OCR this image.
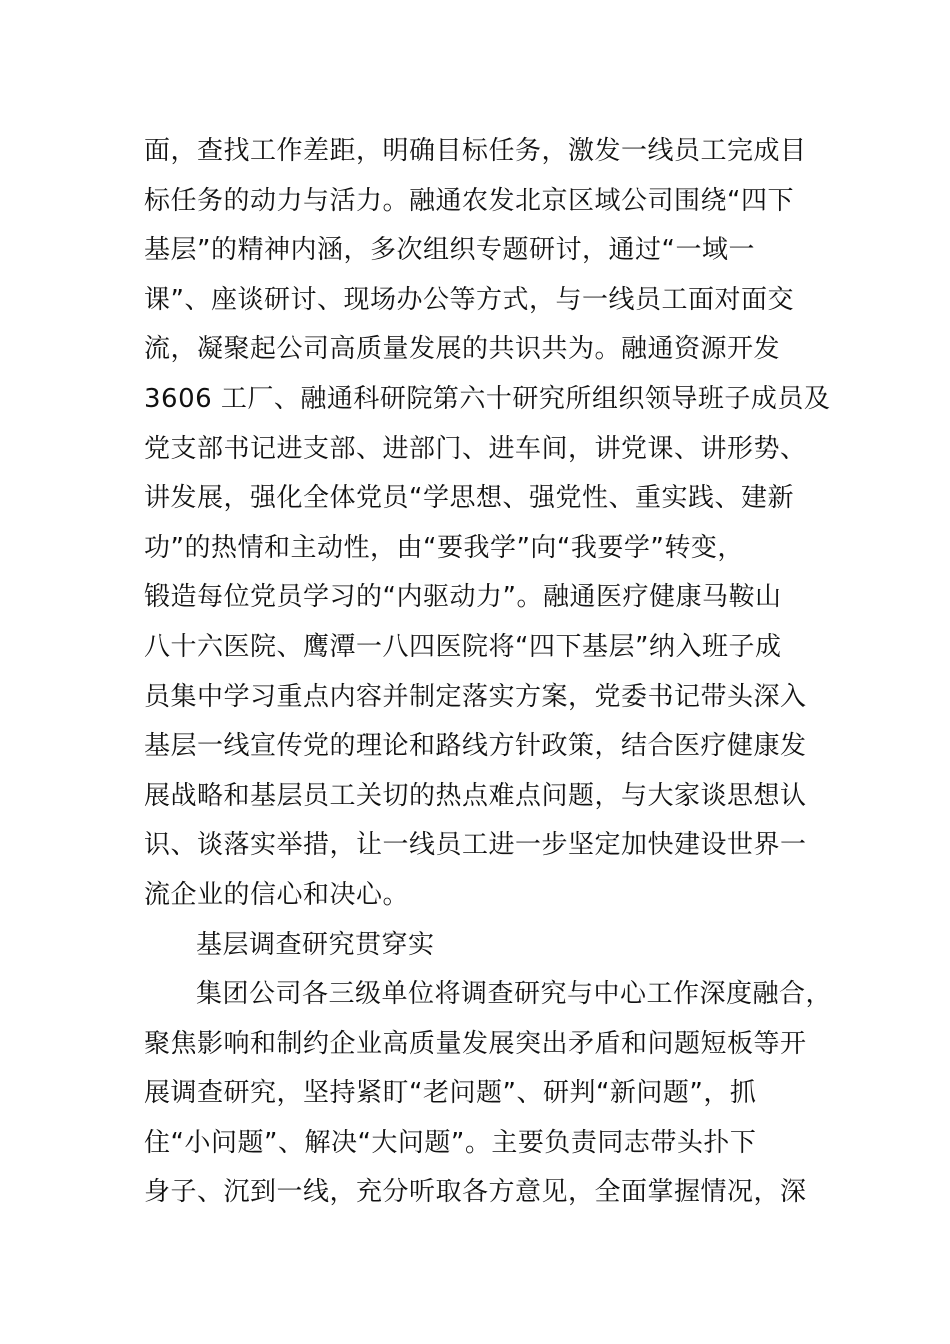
面，查找工作差距，明确目标任务，激发一线员工完成目
标任务的动力与活力。融通农发北京区域公司围绕“四下
基层”的精神内涵，多次组织专题研讨，通过“一域一
课”、座谈研讨、现场办公等方式，与一线员工面对面交
流，凝聚起公司高质量发展的共识共为。融通资源开发
3606 工厂、融通科研院第六十研究所组织领导班子成员及
党支部书记进支部、进部门、进车间，讲党课、讲形势、
讲发展，强化全体党员“学思想、强党性、重实践、建新
功”的热情和主动性，由“要我学”向“我要学”转变，
锻造每位党员学习的“内驱动力”。融通医疗健康马鞍山
八十六医院、鹰潭一八四医院将“四下基层”纳入班子成
员集中学习重点内容并制定落实方案，党委书记带头深入
基层一线宣传党的理论和路线方针政策，结合医疗健康发
展战略和基层员工关切的热点难点问题，与大家谈思想认
识、谈落实举措，让一线员工进一步坚定加快建设世界一
流企业的信心和决心。
基层调查研究贯穿实
集团公司各三级单位将调查研究与中心工作深度融合，
聚焦影响和制约企业高质量发展突出矛盾和问题短板等开
展调查研究，坚持紧盯“老问题”、研判“新问题”，抓
住“小问题”、解决“大问题”。主要负责同志带头扑下
身子、沉到一线，充分听取各方意见，全面掌握情况，深
